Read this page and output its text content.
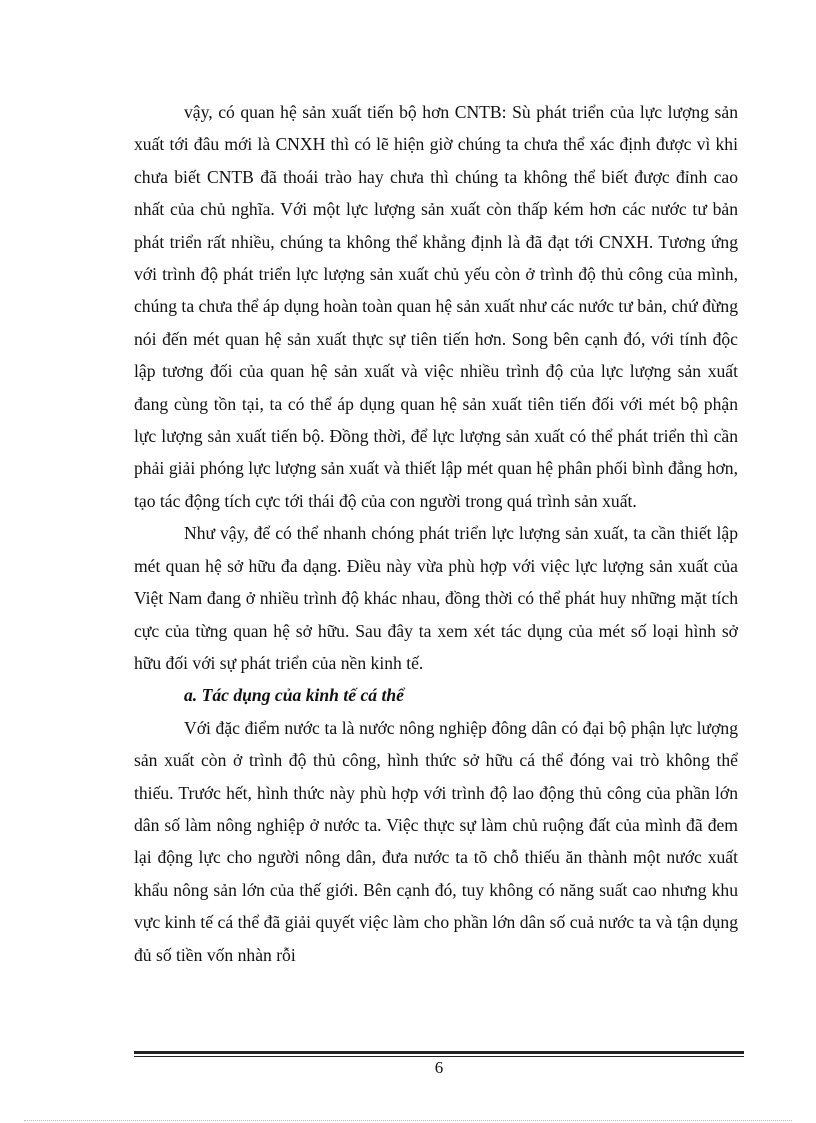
vậy, có quan hệ sản xuất tiến bộ hơn CNTB: Sù phát triển của lực lượng sản xuất tới đâu mới là CNXH thì có lẽ hiện giờ chúng ta chưa thể xác định được vì khi chưa biết CNTB đã thoái trào hay chưa thì chúng ta không thể biết được đỉnh cao nhất của chủ nghĩa. Với một lực lượng sản xuất còn thấp kém hơn các nước tư bản phát triển rất nhiều, chúng ta không thể khẳng định là đã đạt tới CNXH. Tương ứng với trình độ phát triển lực lượng sản xuất chủ yếu còn ở trình độ thủ công của mình, chúng ta chưa thể áp dụng hoàn toàn quan hệ sản xuất như các nước tư bản, chứ đừng nói đến mét quan hệ sản xuất thực sự tiên tiến hơn. Song bên cạnh đó, với tính độc lập tương đối của quan hệ sản xuất và việc nhiều trình độ của lực lượng sản xuất đang cùng tồn tại, ta có thể áp dụng quan hệ sản xuất tiên tiến đối với mét bộ phận lực lượng sản xuất tiến bộ. Đồng thời, để lực lượng sản xuất có thể phát triển thì cần phải giải phóng lực lượng sản xuất và thiết lập mét quan hệ phân phối bình đẳng hơn, tạo tác động tích cực tới thái độ của con người trong quá trình sản xuất.

Như vậy, để có thể nhanh chóng phát triển lực lượng sản xuất, ta cần thiết lập mét quan hệ sở hữu đa dạng. Điều này vừa phù hợp với việc lực lượng sản xuất của Việt Nam đang ở nhiều trình độ khác nhau, đồng thời có thể phát huy những mặt tích cực của từng quan hệ sở hữu. Sau đây ta xem xét tác dụng của mét số loại hình sở hữu đối với sự phát triển của nền kinh tế.

a. Tác dụng của kinh tế cá thể

Với đặc điểm nước ta là nước nông nghiệp đông dân có đại bộ phận lực lượng sản xuất còn ở trình độ thủ công, hình thức sở hữu cá thể đóng vai trò không thể thiếu. Trước hết, hình thức này phù hợp với trình độ lao động thủ công của phần lớn dân số làm nông nghiệp ở nước ta. Việc thực sự làm chủ ruộng đất của mình đã đem lại động lực cho người nông dân, đưa nước ta tõ chỗ thiếu ăn thành một nước xuất khẩu nông sản lớn của thế giới. Bên cạnh đó, tuy không có năng suất cao nhưng khu vực kinh tế cá thể đã giải quyết việc làm cho phần lớn dân số cuả nước ta và tận dụng đủ số tiền vốn nhàn rỗi

6
